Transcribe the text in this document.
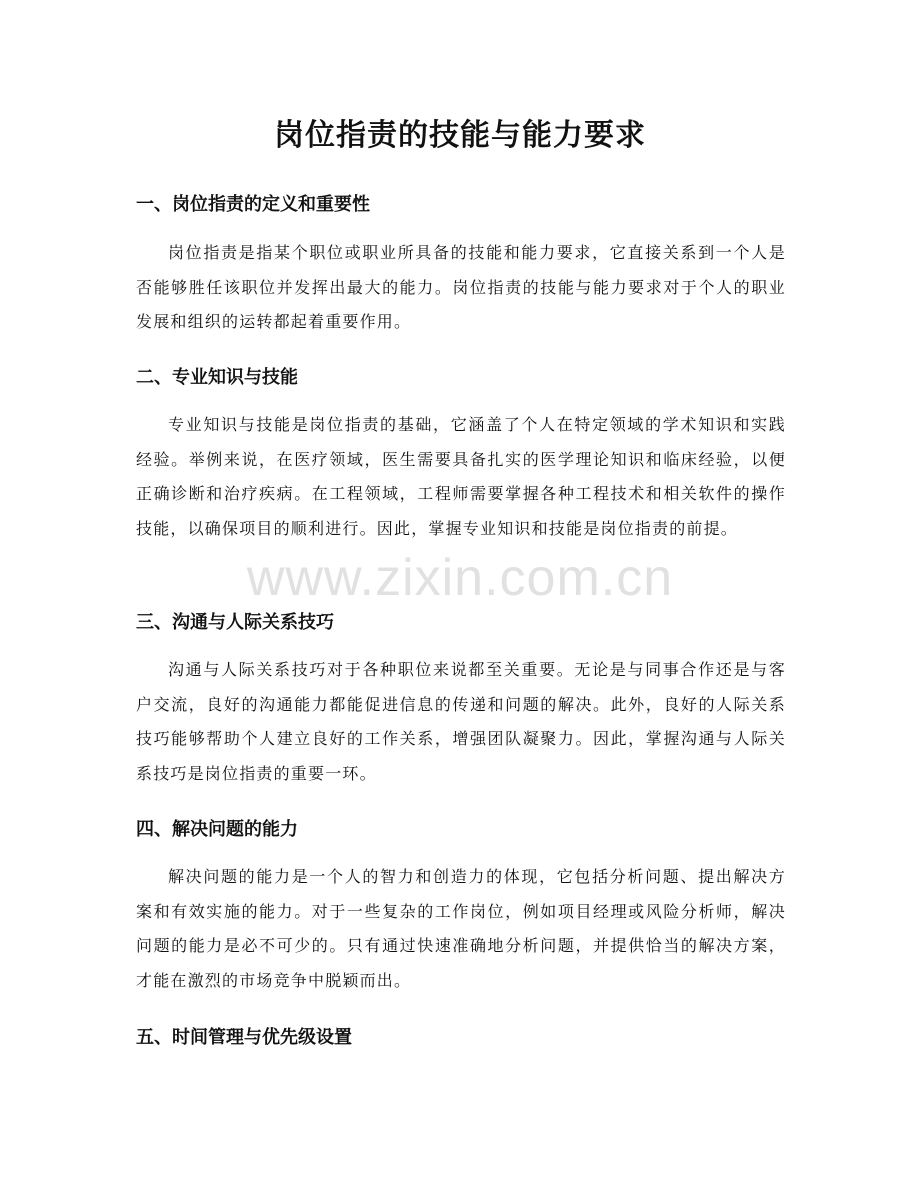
岗位指责的技能与能力要求
一、岗位指责的定义和重要性

岗位指责是指某个职位或职业所具备的技能和能力要求，它直接关系到一个人是否能够胜任该职位并发挥出最大的能力。岗位指责的技能与能力要求对于个人的职业发展和组织的运转都起着重要作用。

二、专业知识与技能

专业知识与技能是岗位指责的基础，它涵盖了个人在特定领域的学术知识和实践经验。举例来说，在医疗领域，医生需要具备扎实的医学理论知识和临床经验，以便正确诊断和治疗疾病。在工程领域，工程师需要掌握各种工程技术和相关软件的操作技能，以确保项目的顺利进行。因此，掌握专业知识和技能是岗位指责的前提。

三、沟通与人际关系技巧

沟通与人际关系技巧对于各种职位来说都至关重要。无论是与同事合作还是与客户交流，良好的沟通能力都能促进信息的传递和问题的解决。此外，良好的人际关系技巧能够帮助个人建立良好的工作关系，增强团队凝聚力。因此，掌握沟通与人际关系技巧是岗位指责的重要一环。

四、解决问题的能力

解决问题的能力是一个人的智力和创造力的体现，它包括分析问题、提出解决方案和有效实施的能力。对于一些复杂的工作岗位，例如项目经理或风险分析师，解决问题的能力是必不可少的。只有通过快速准确地分析问题，并提供恰当的解决方案，才能在激烈的市场竞争中脱颖而出。

五、时间管理与优先级设置
www.zixin.com.cn
